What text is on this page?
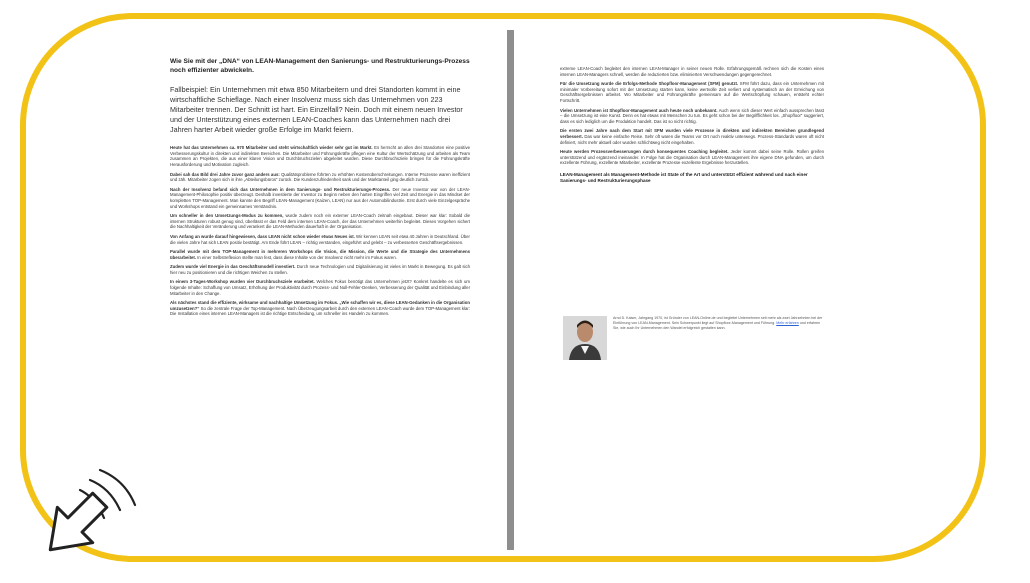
Wie Sie mit der „DNA“ von LEAN-Management den Sanierungs- und Restrukturierungs-Prozess noch effizienter abwickeln.
Fallbeispiel: Ein Unternehmen mit etwa 850 Mitarbeitern und drei Standorten kommt in eine wirtschaftliche Schieflage. Nach einer Insolvenz muss sich das Unternehmen von 223 Mitarbeiter trennen. Der Schnitt ist hart. Ein Einzelfall? Nein. Doch mit einem neuen Investor und der Unterstützung eines externen LEAN-Coaches kann das Unternehmen nach drei Jahren harter Arbeit wieder große Erfolge im Markt feiern.
Heute hat das Unternehmen ca. 970 Mitarbeiter und steht wirtschaftlich wieder sehr gut im Markt. Es herrscht an allen drei Standorten eine positive Verbesserungskultur in direkten und indirekten Bereichen. Die Mitarbeiter und Führungskräfte pflegen eine Kultur der Wertschätzung und arbeiten als Team zusammen an Projekten, die aus einer klaren Vision und Durchbruchszielen abgeleitet wurden. Diese Durchbruchsziele bringen für die Führungskräfte Herausforderung und Motivation zugleich.
Dabei sah das Bild drei Jahre zuvor ganz anders aus: Qualitätsprobleme führten zu erhöhten Kostenüberschreitungen. Interne Prozesse waren ineffizient und zäh. Mitarbeiter zogen sich in ihre „Abteilungsbüros“ zurück. Die Kundenzufriedenheit sank und der Marktanteil ging deutlich zurück.
Nach der Insolvenz befand sich das Unternehmen in dem Sanierungs- und Restrukturierungs-Prozess. Der neue Investor war von der LEAN-Management-Philosophie positiv überzeugt. Deshalb investierte der Investor zu Beginn neben den harten Eingriffen viel Zeit und Energie in das Mindset der kompletten TOP-Management. Man kannte den Begriff LEAN-Management (Kaizen, LEAN) nur aus der Automobilindustrie. Erst durch viele Einzelgespräche und Workshops entstand ein gemeinsames Verständnis.
Um schneller in den Umsetzungs-Modus zu kommen, wurde zudem noch ein externer LEAN-Coach zeitnah eingebaut. Dieser war klar: Sobald die internen Strukturen robust genug sind, überlässt er das Feld dem internen LEAN-Coach, der das Unternehmen weiterhin begleitet. Dieses Vorgehen sichert die Nachhaltigkeit der Veränderung und verankert die LEAN-Methoden dauerhaft in der Organisation.
Von Anfang an wurde darauf hingewiesen, dass LEAN nicht schon wieder etwas Neues ist. Wir kennen LEAN seit etwa 40 Jahren in Deutschland. Über die vielen Jahre hat sich LEAN positiv bestätigt. Am Ende führt LEAN – richtig verstanden, eingeführt und gelebt – zu verbesserten Geschäftsergebnissen.
Parallel wurde mit dem TOP-Management in mehreren Workshops die Vision, die Mission, die Werte und die Strategie des Unternehmens überarbeitet. In einer Selbstreflexion stellte man fest, dass diese Inhalte von der Insolvenz nicht mehr im Fokus waren.
Zudem wurde viel Energie in das Geschäftsmodell investiert. Durch neue Technologien und Digitalisierung ist vieles im Markt in Bewegung. Es galt sich hier neu zu positionieren und die richtigen Weichen zu stellen.
In einem 3-Tages-Workshop wurden vier Durchbruchsziele erarbeitet. Welches Fokus benötigt das Unternehmen jetzt? Konkret handelte es sich um folgende Inhalte: Schaffung von Umsatz, Erhöhung der Produktivität durch Prozess- und Null-Fehler-Denken, Verbesserung der Qualität und Einbindung aller Mitarbeiter in den Change.
Als nächstes stand die effiziente, wirksame und nachhaltige Umsetzung im Fokus. „Wie schaffen wir es, diese LEAN-Gedanken in die Organisation umzusetzen?“ So die zentrale Frage der Top-Management. Nach Überzeugungsarbeit durch den externen LEAN-Coach wurde dem TOP-Management klar: Die Installation eines internen LEAN-Managers ist die richtige Entscheidung, um schneller ins Handeln zu kommen.
extreme LEAN-Coach begleitet den internen LEAN-Manager in seiner neuen Rolle. Erfahrungsgemäß rechnen sich die Kosten eines internen LEAN-Managers schnell, werden die reduzierten bzw. eliminierten Verschwendungen gegengerechnet.
Für die Umsetzung wurde die Erfolgs-Methode Shopfloor-Management (SFM) genutzt. SFM führt dazu, dass ein Unternehmen mit minimaler Vorbereitung sofort mit der Umsetzung starten kann, keine wertvolle Zeit verliert und systematisch an der Erreichung von Geschäftsergebnissen arbeitet. Wo Mitarbeiter und Führungskräfte gemeinsam auf die Wertschöpfung schauen, entsteht echter Fortschritt.
Vielen Unternehmen ist Shopfloor-Management auch heute noch unbekannt. Auch wenn sich dieser Wert einfach aussprechen lässt – die Umsetzung ist eine Kunst. Denn es hat etwas mit Menschen zu tun. Es geht schon bei der Begrifflichkeit los. „Shopfloor“ suggeriert, dass es sich lediglich um die Produktion handelt. Das ist so nicht richtig.
Die ersten zwei Jahre nach dem Start mit SFM wurden viele Prozesse in direkten und indirekten Bereichen grundlegend verbessert. Das war keine einfache Reise. Sehr oft waren die Teams vor Ort noch reaktiv unterwegs. Prozess-Standards waren oft nicht definiert, nicht mehr aktuell oder wurden schlichtweg nicht eingehalten.
Heute werden Prozessverbesserungen durch konsequentes Coaching begleitet. Jeder kommt dabei seine Rolle. Rollen greifen unterstützend und ergänzend ineinander. In Folge hat die Organisation durch LEAN-Management ihre eigene DNA gefunden, um durch exzellente Führung, exzellente Mitarbeiter, exzellente Prozesse exzellente Ergebnisse herzustellen.
LEAN-Management als Management-Methode ist State of the Art und unterstützt effizient während und nach einer Sanierungs- und Restrukturierungsphase
Arnd D. Kaiser, Jahrgang 1970, ist Gründer von LEAN-Online.de und begleitet Unternehmen seit mehr als zwei Jahrzehnten bei der Einführung von LEAN-Management. Sein Schwerpunkt liegt auf Shopfloor-Management und Führung. Mehr erfahren und erfahren Sie, wie auch Ihr Unternehmen den Wandel erfolgreich gestalten kann.
